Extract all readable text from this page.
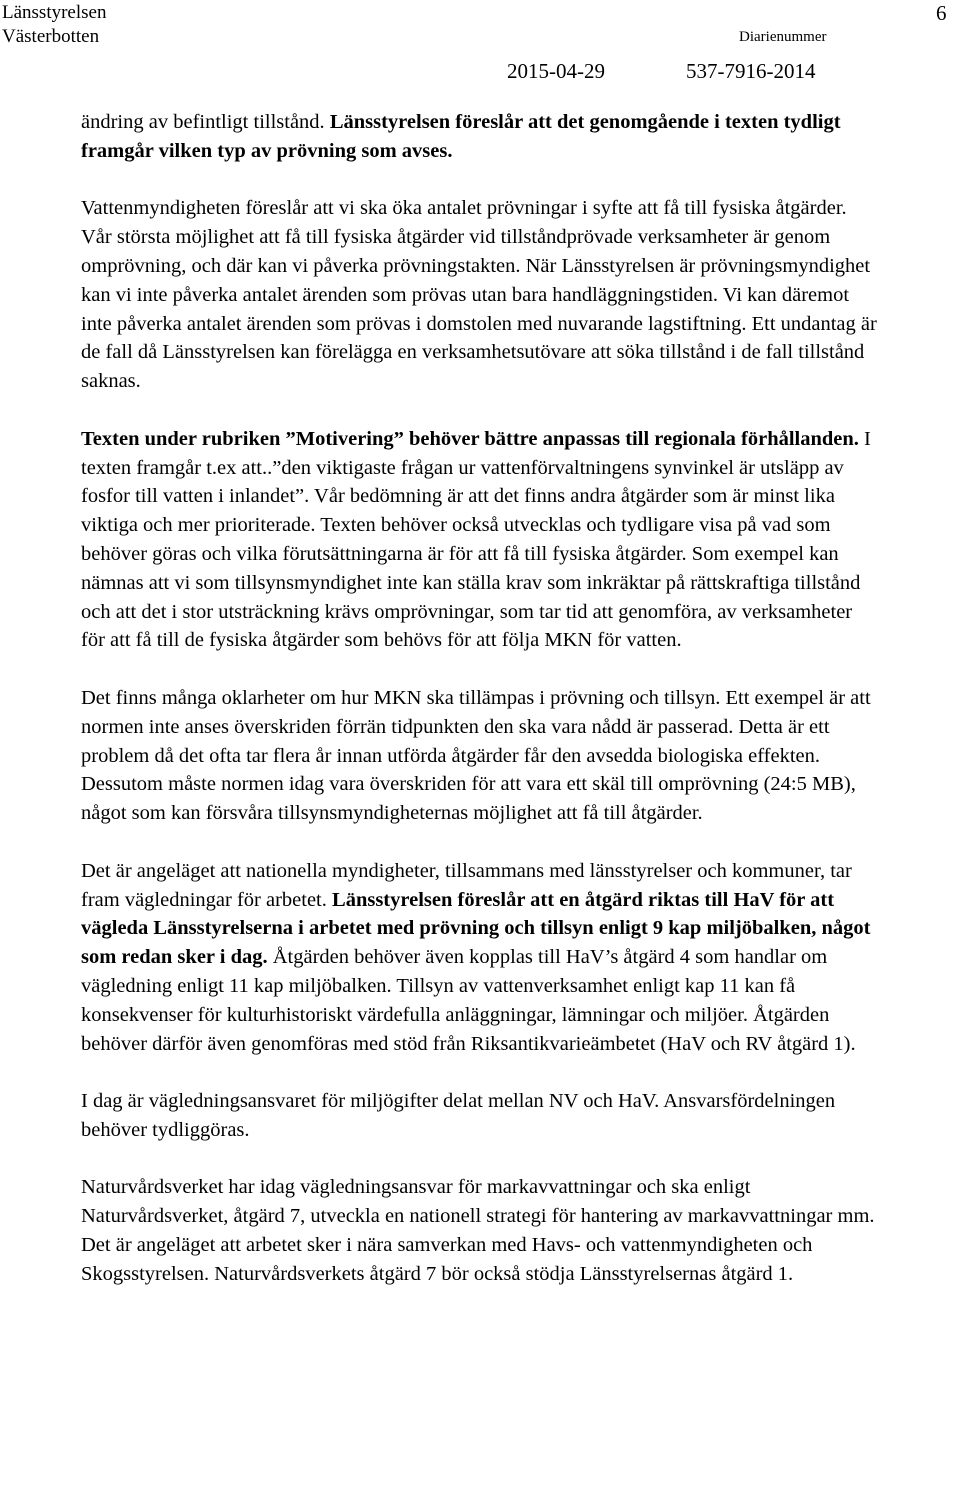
Länsstyrelsen
Västerbotten
6
Diarienummer
2015-04-29	537-7916-2014

ändring av befintligt tillstånd. Länsstyrelsen föreslår att det genomgående i texten tydligt framgår vilken typ av prövning som avses.

Vattenmyndigheten föreslår att vi ska öka antalet prövningar i syfte att få till fysiska åtgärder. Vår största möjlighet att få till fysiska åtgärder vid tillståndprövade verksamheter är genom omprövning, och där kan vi påverka prövningstakten. När Länsstyrelsen är prövningsmyndighet kan vi inte påverka antalet ärenden som prövas utan bara handläggningstiden. Vi kan däremot inte påverka antalet ärenden som prövas i domstolen med nuvarande lagstiftning. Ett undantag är de fall då Länsstyrelsen kan förelägga en verksamhetsutövare att söka tillstånd i de fall tillstånd saknas.

Texten under rubriken ”Motivering” behöver bättre anpassas till regionala förhållanden. I texten framgår t.ex att..”den viktigaste frågan ur vattenförvaltningens synvinkel är utsläpp av fosfor till vatten i inlandet”. Vår bedömning är att det finns andra åtgärder som är minst lika viktiga och mer prioriterade. Texten behöver också utvecklas och tydligare visa på vad som behöver göras och vilka förutsättningarna är för att få till fysiska åtgärder. Som exempel kan nämnas att vi som tillsynsmyndighet inte kan ställa krav som inkräktar på rättskraftiga tillstånd och att det i stor utsträckning krävs omprövningar, som tar tid att genomföra, av verksamheter för att få till de fysiska åtgärder som behövs för att följa MKN för vatten.

Det finns många oklarheter om hur MKN ska tillämpas i prövning och tillsyn. Ett exempel är att normen inte anses överskriden förrän tidpunkten den ska vara nådd är passerad. Detta är ett problem då det ofta tar flera år innan utförda åtgärder får den avsedda biologiska effekten. Dessutom måste normen idag vara överskriden för att vara ett skäl till omprövning (24:5 MB), något som kan försvåra tillsynsmyndigheternas möjlighet att få till åtgärder.

Det är angeläget att nationella myndigheter, tillsammans med länsstyrelser och kommuner, tar fram vägledningar för arbetet. Länsstyrelsen föreslår att en åtgärd riktas till HaV för att vägleda Länsstyrelserna i arbetet med prövning och tillsyn enligt 9 kap miljöbalken, något som redan sker i dag. Åtgärden behöver även kopplas till HaV’s åtgärd 4 som handlar om vägledning enligt 11 kap miljöbalken. Tillsyn av vattenverksamhet enligt kap 11 kan få konsekvenser för kulturhistoriskt värdefulla anläggningar, lämningar och miljöer. Åtgärden behöver därför även genomföras med stöd från Riksantikvarieämbetet (HaV och RV åtgärd 1).

I dag är vägledningsansvaret för miljögifter delat mellan NV och HaV. Ansvarsfördelningen behöver tydliggöras.

Naturvårdsverket har idag vägledningsansvar för markavvattningar och ska enligt Naturvårdsverket, åtgärd 7, utveckla en nationell strategi för hantering av markavvattningar mm. Det är angeläget att arbetet sker i nära samverkan med Havs- och vattenmyndigheten och Skogsstyrelsen. Naturvårdsverkets åtgärd 7 bör också stödja Länsstyrelsernas åtgärd 1.
